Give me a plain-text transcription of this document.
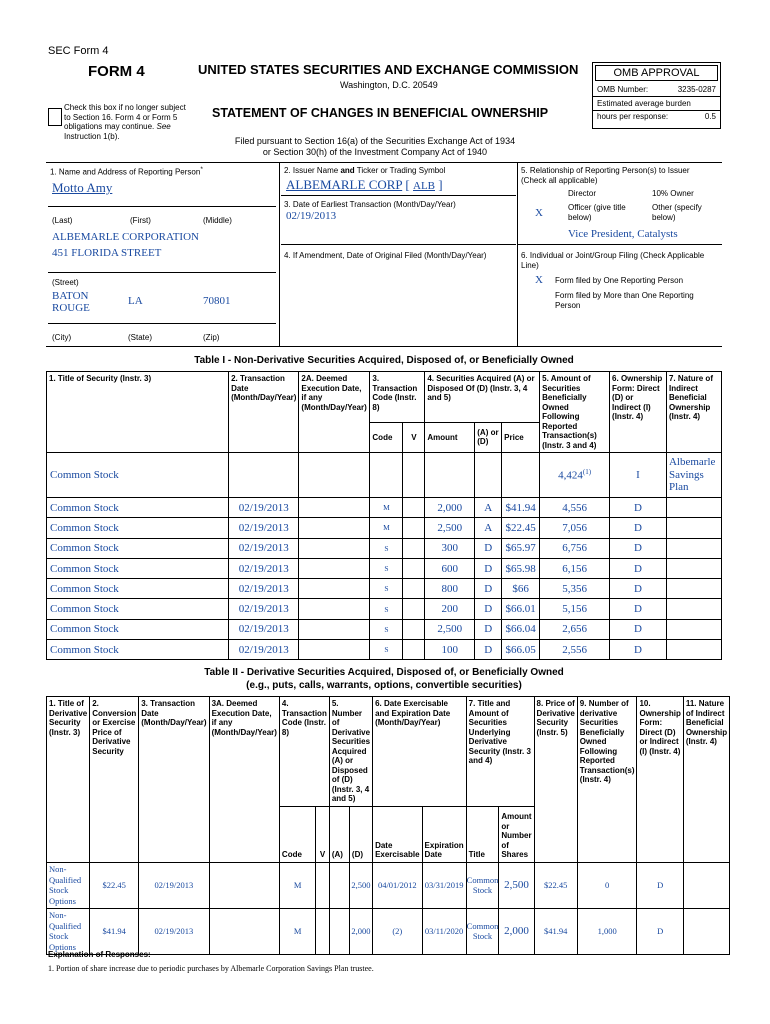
SEC Form 4
FORM 4	UNITED STATES SECURITIES AND EXCHANGE COMMISSION
Washington, D.C. 20549
Check this box if no longer subject
to Section 16. Form 4 or Form 5
obligations may continue. See
Instruction 1(b).
STATEMENT OF CHANGES IN BENEFICIAL OWNERSHIP
Filed pursuant to Section 16(a) of the Securities Exchange Act of 1934
or Section 30(h) of the Investment Company Act of 1940
OMB APPROVAL
OMB Number:	3235-0287
Estimated average burden
hours per response:	0.5
1. Name and Address of Reporting Person*
Motto Amy
(Last)	(First)	(Middle)
ALBEMARLE CORPORATION
451 FLORIDA STREET
(Street)
BATON
ROUGE
LA	70801
(City)	(State)	(Zip)
2. Issuer Name and Ticker or Trading Symbol
ALBEMARLE CORP [ ALB ]
3. Date of Earliest Transaction (Month/Day/Year)
02/19/2013
4. If Amendment, Date of Original Filed (Month/Day/Year)
5. Relationship of Reporting Person(s) to Issuer
(Check all applicable)
Director	10% Owner
X	Officer (give title
below)
Other (specify
below)
Vice President, Catalysts
6. Individual or Joint/Group Filing (Check Applicable
Line)
X Form filed by One Reporting Person
Form filed by More than One Reporting
Person
Table I - Non-Derivative Securities Acquired, Disposed of, or Beneficially Owned
1. Title of Security (Instr. 3)	2. Transaction Date (Month/Day/Year)	2A. Deemed Execution Date, if any (Month/Day/Year)	3. Transaction Code (Instr. 8)		4. Securities Acquired (A) or Disposed Of (D) (Instr. 3, 4 and 5)			5. Amount of Securities Beneficially Owned Following Reported Transaction(s) (Instr. 3 and 4)	6. Ownership Form: Direct (D) or Indirect (I) (Instr. 4)	7. Nature of Indirect Beneficial Ownership (Instr. 4)
			Code	V	Amount	(A) or (D)	Price			
Common Stock								4,424$^{(1)}$	I	Albemarle
Savings
Plan

Common Stock	02/19/2013		M		2,000	A	$41.94	4,556	D	
Common Stock	02/19/2013		M		2,500	A	$22.45	7,056	D	
Common Stock	02/19/2013		S		300	D	$65.97	6,756	D	
Common Stock	02/19/2013		S		600	D	$65.98	6,156	D	
Common Stock	02/19/2013		S		800	D	$66	5,356	D	
Common Stock	02/19/2013		S		200	D	$66.01	5,156	D	
Common Stock	02/19/2013		S		2,500	D	$66.04	2,656	D	
Common Stock	02/19/2013		S		100	D	$66.05	2,556	D	
Table II - Derivative Securities Acquired, Disposed of, or Beneficially Owned
(e.g., puts, calls, warrants, options, convertible securities)
1. Title of Derivative Security (Instr. 3)	2. Conversion or Exercise Price of Derivative Security	3. Transaction Date (Month/Day/Year)	3A. Deemed Execution Date, if any (Month/Day/Year)	4. Transaction Code (Instr. 8)		5. Number of Derivative Securities Acquired (A) or Disposed of (D) (Instr. 3, 4 and 5)		6. Date Exercisable and Expiration Date (Month/Day/Year)		7. Title and Amount of Securities Underlying Derivative Security (Instr. 3 and 4)		8. Price of Derivative Security (Instr. 5)	9. Number of derivative Securities Beneficially Owned Following Reported Transaction(s) (Instr. 4)	10. Ownership Form: Direct (D) or Indirect (I) (Instr. 4)	11. Nature of Indirect Beneficial Ownership (Instr. 4)
				Code	V	(A)	(D)	Date Exercisable	Expiration Date	Title	Amount or Number of Shares				
Non-Qualified Stock Options	$22.45	02/19/2013		M			2,500	04/01/2012	03/31/2019	Common Stock	2,500	$22.45	0	D	
Non-Qualified Stock Options	$41.94	02/19/2013		M			2,000	(2)	03/11/2020	Common Stock	2,000	$41.94	1,000	D	
Explanation of Responses:
1. Portion of share increase due to periodic purchases by Albemarle Corporation Savings Plan trustee.
